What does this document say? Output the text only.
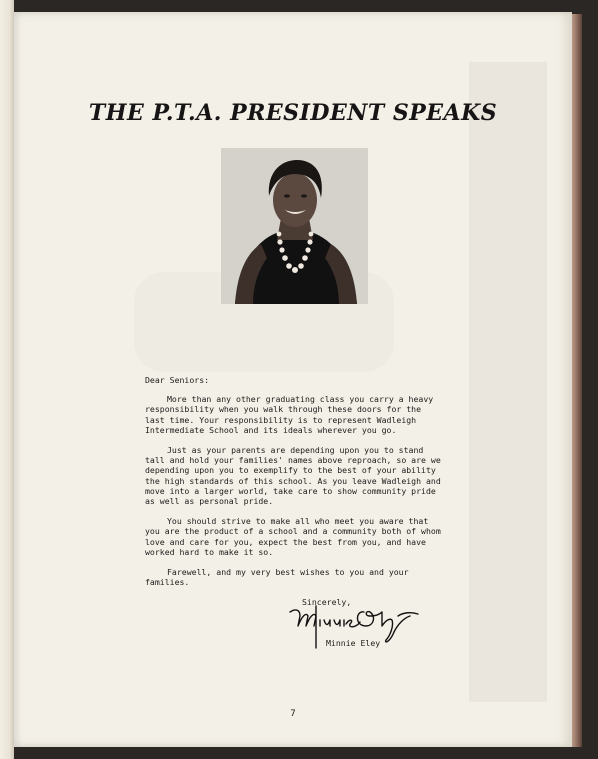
THE P.T.A. PRESIDENT SPEAKS

Dear Seniors:

More than any other graduating class you carry a heavy responsibility when you walk through these doors for the last time. Your responsibility is to represent Wadleigh Intermediate School and its ideals wherever you go.

Just as your parents are depending upon you to stand tall and hold your families' names above reproach, so are we depending upon you to exemplify to the best of your ability the high standards of this school. As you leave Wadleigh and move into a larger world, take care to show community pride as well as personal pride.

You should strive to make all who meet you aware that you are the product of a school and a community both of whom love and care for you, expect the best from you, and have worked hard to make it so.

Farewell, and my very best wishes to you and your families.

Sincerely,
Minnie Eley
7
